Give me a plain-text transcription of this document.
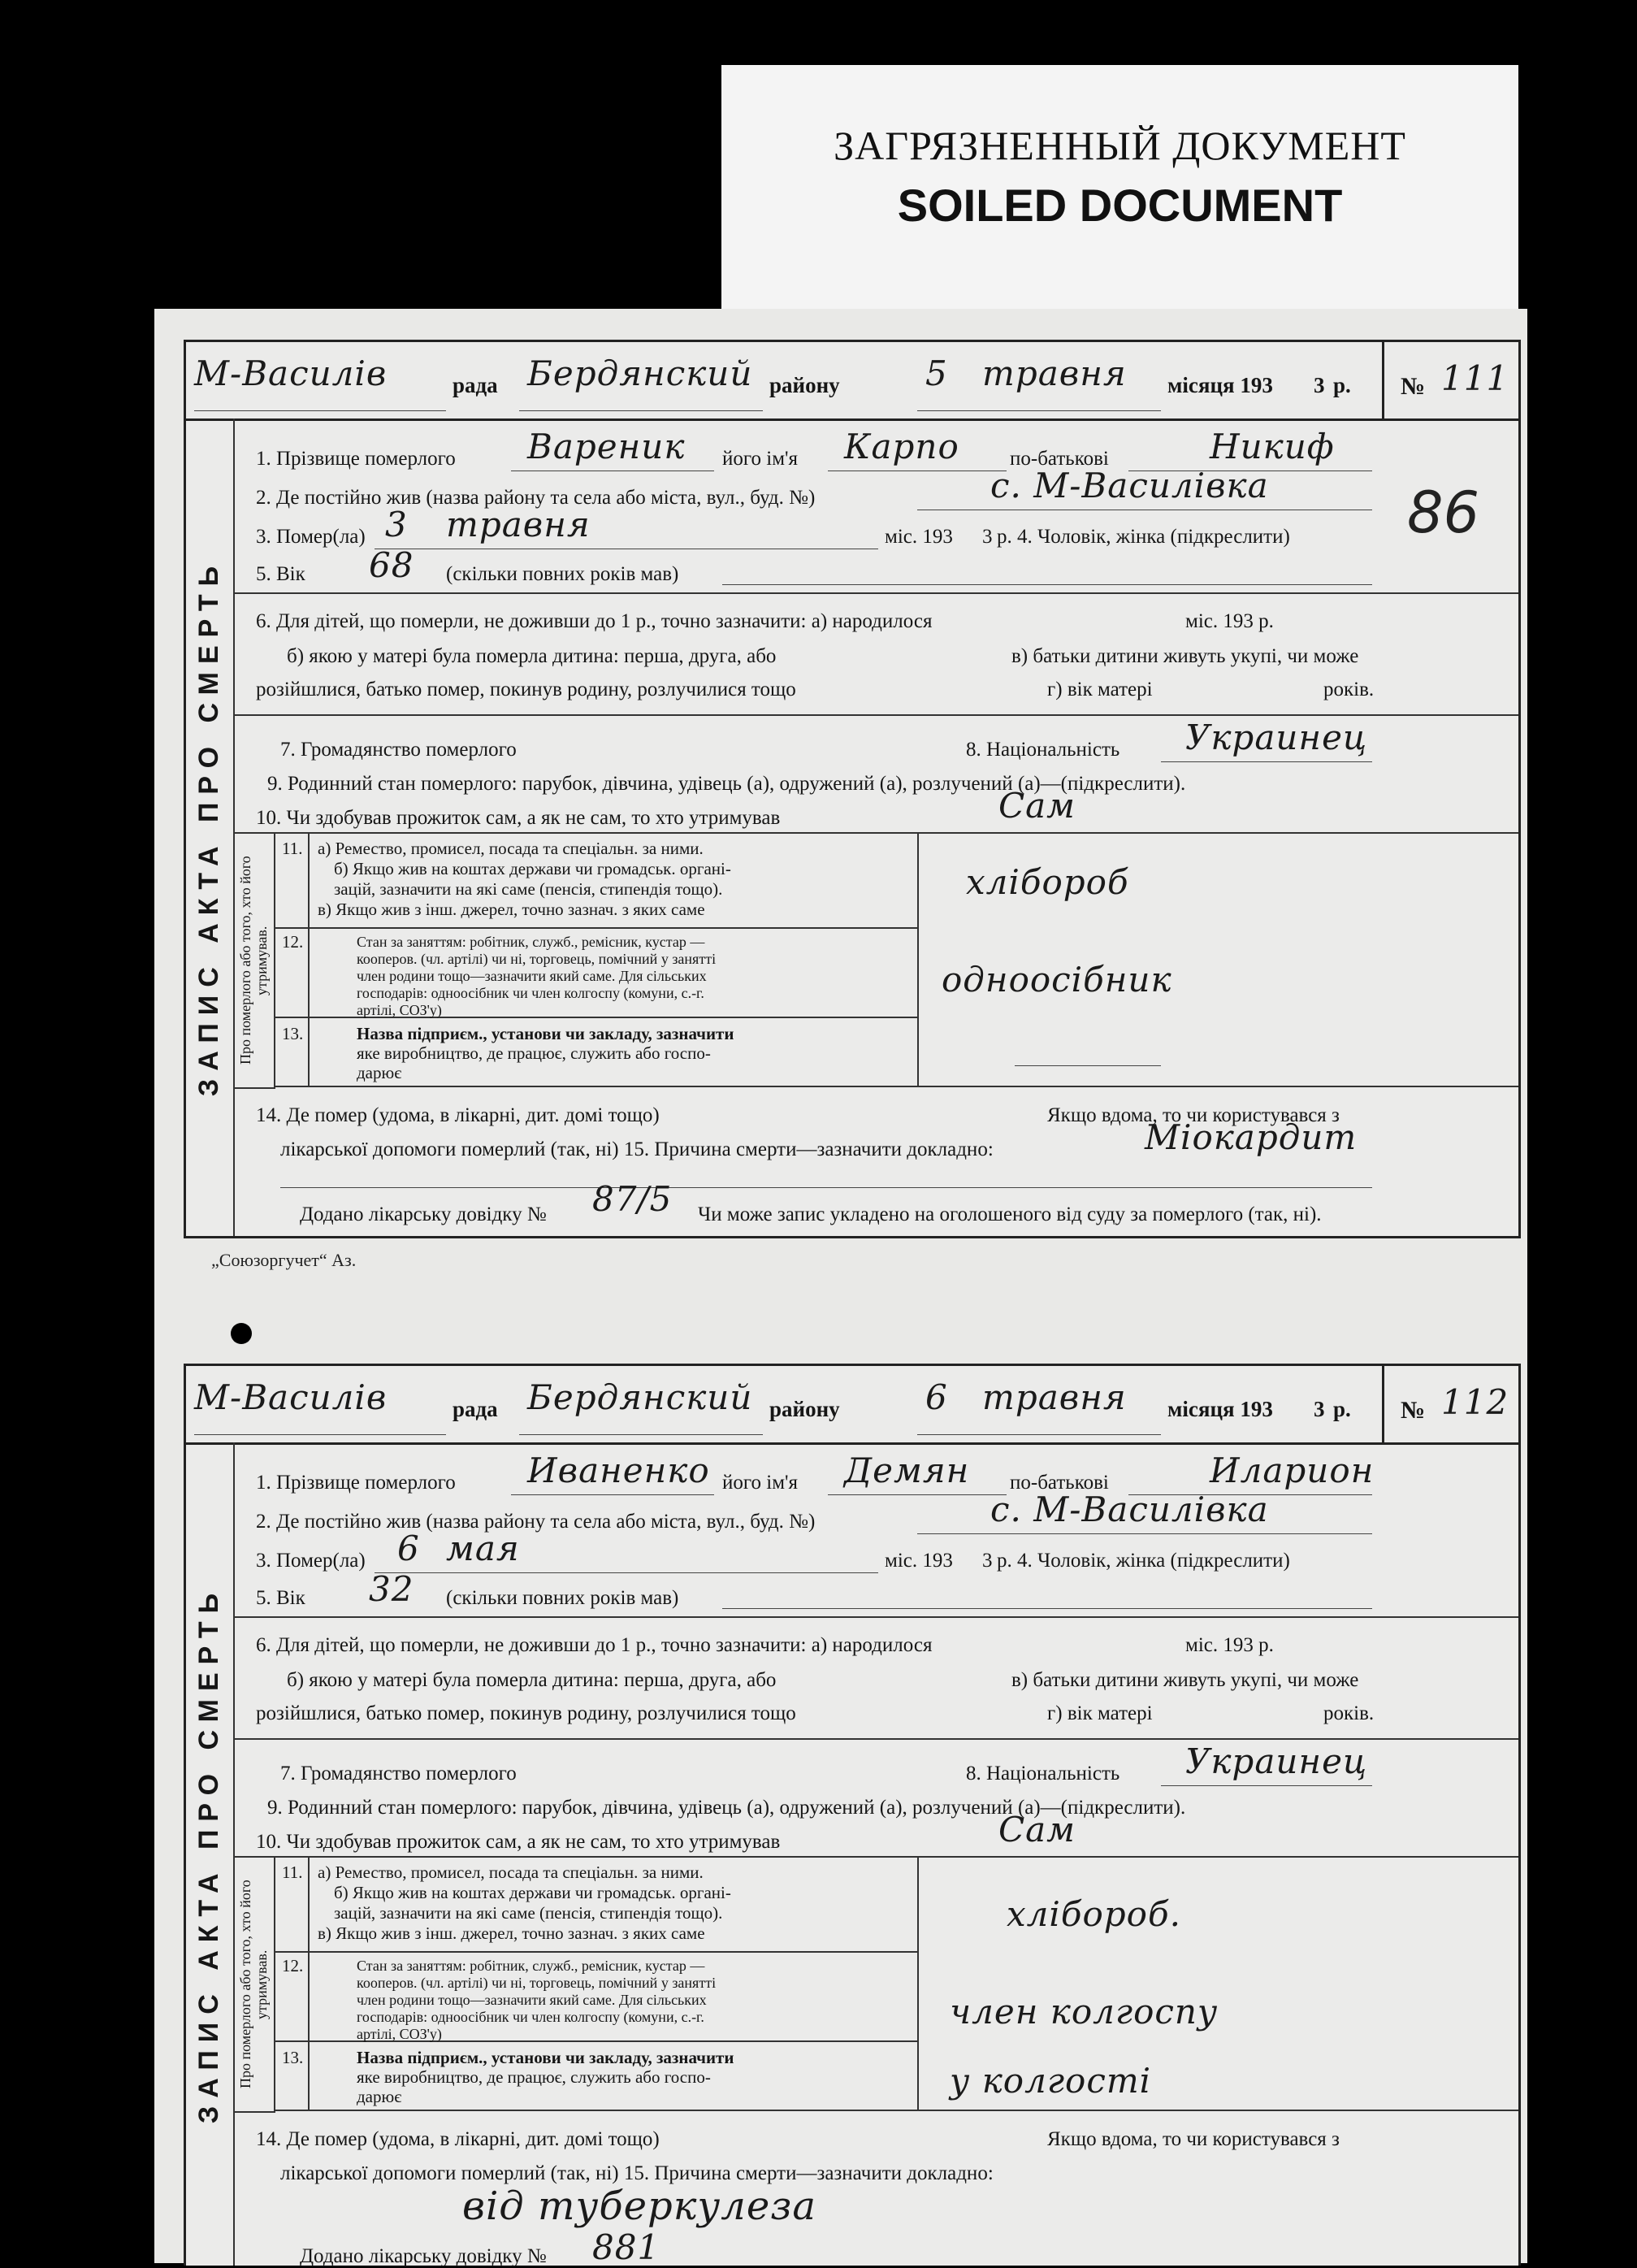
ЗАГРЯЗНЕННЫЙ ДОКУМЕНТ
SOILED DOCUMENT
М-Василів	рада Бердянский району	5 травня місяця 193 3 р. № 111
ЗАПИС АКТА ПРО СМЕРТЬ
1. Прізвище померлого Вареник його ім'я Карпо по-батькові	Никиф
2. Де постійно жив (назва району та села або міста, вул., буд. №)	с. М-Василівка
3. Помер(ла) 3 травня	міс. 193 3 р. 4. Чоловік, жінка (підкреслити)
5. Вік 68 (скільки повних років мав)
6. Для дітей, що померли, не доживши до 1 р., точно зазначити: а) народилося	міс. 193 р.
б) якою у матері була померла дитина: перша, друга, або	в) батьки дитини живуть укупі, чи може
розійшлися, батько помер, покинув родину, розлучилися тощо	г) вік матері	років.
7. Громадянство померлого	8. Національність Украинец
9. Родинний стан померлого: парубок, дівчина, удівець (а), одружений (а), розлучений (а)—(підкреслити).
10. Чи здобував прожиток сам, а як не сам, то хто утримував	Сам
Про померлого або того, хто його утримував.
11. а) Ремество, промисел, посада та спеціальн. за ними.
б) Якщо жив на коштах держави чи громадськ. органі-
зацій, зазначити на які саме (пенсія, стипендія тощо).
в) Якщо жив з інш. джерел, точно зазнач. з яких саме
хлібороб
12.	Стан за заняттям: робітник, служб., ремісник, кустар —
кооперов. (чл. артілі) чи ні, торговець, помічний у занятті
член родини тощо—зазначити який саме. Для сільських
господарів: одноосібник чи член колгоспу (комуни, с.-г.
артілі, СОЗ'у)
одноосібник
13.	Назва підприєм., установи чи закладу, зазначити
яке виробництво, де працює, служить або госпо-
дарює
14. Де помер (удома, в лікарні, дит. домі тощо)	Якщо вдома, то чи користувався з
лікарської допомоги померлий (так, ні) 15. Причина смерти—зазначити докладно:	Міокардит
Додано лікарську довідку № 87/5 Чи може запис укладено на оголошеного від суду за померлого (так, ні).
86
„Союзоргучет“ Аз.
М-Василів	рада Бердянский району	6 травня місяця 193 3 р. № 112
ЗАПИС АКТА ПРО СМЕРТЬ
1. Прізвище померлого Иваненко його ім'я Демян по-батькові	Иларион
2. Де постійно жив (назва району та села або міста, вул., буд. №)	с. М-Василівка
3. Помер(ла) 6 мая	міс. 193 3 р. 4. Чоловік, жінка (підкреслити)
5. Вік 32 (скільки повних років мав)
6. Для дітей, що померли, не доживши до 1 р., точно зазначити: а) народилося	міс. 193 р.
б) якою у матері була померла дитина: перша, друга, або	в) батьки дитини живуть укупі, чи може
розійшлися, батько помер, покинув родину, розлучилися тощо	г) вік матері	років.
7. Громадянство померлого	8. Національність Украинец
9. Родинний стан померлого: парубок, дівчина, удівець (а), одружений (а), розлучений (а)—(підкреслити).
10. Чи здобував прожиток сам, а як не сам, то хто утримував	Сам
Про померлого або того, хто його утримував.
11. а) Ремество, промисел, посада та спеціальн. за ними.
б) Якщо жив на коштах держави чи громадськ. органі-
зацій, зазначити на які саме (пенсія, стипендія тощо).
в) Якщо жив з інш. джерел, точно зазнач. з яких саме	хлібороб.
12.	Стан за заняттям: робітник, служб., ремісник, кустар —
кооперов. (чл. артілі) чи ні, торговець, помічний у занятті
член родини тощо—зазначити який саме. Для сільських
господарів: одноосібник чи член колгоспу (комуни, с.-г.
артілі, СОЗ'у)
член колгоспу
13.	Назва підприєм., установи чи закладу, зазначити
яке виробництво, де працює, служить або госпо-
дарює	у колгості
14. Де помер (удома, в лікарні, дит. домі тощо)	Якщо вдома, то чи користувався з
лікарської допомоги померлий (так, ні) 15. Причина смерти—зазначити докладно:
від туберкулеза
Додано лікарську довідку № 881
